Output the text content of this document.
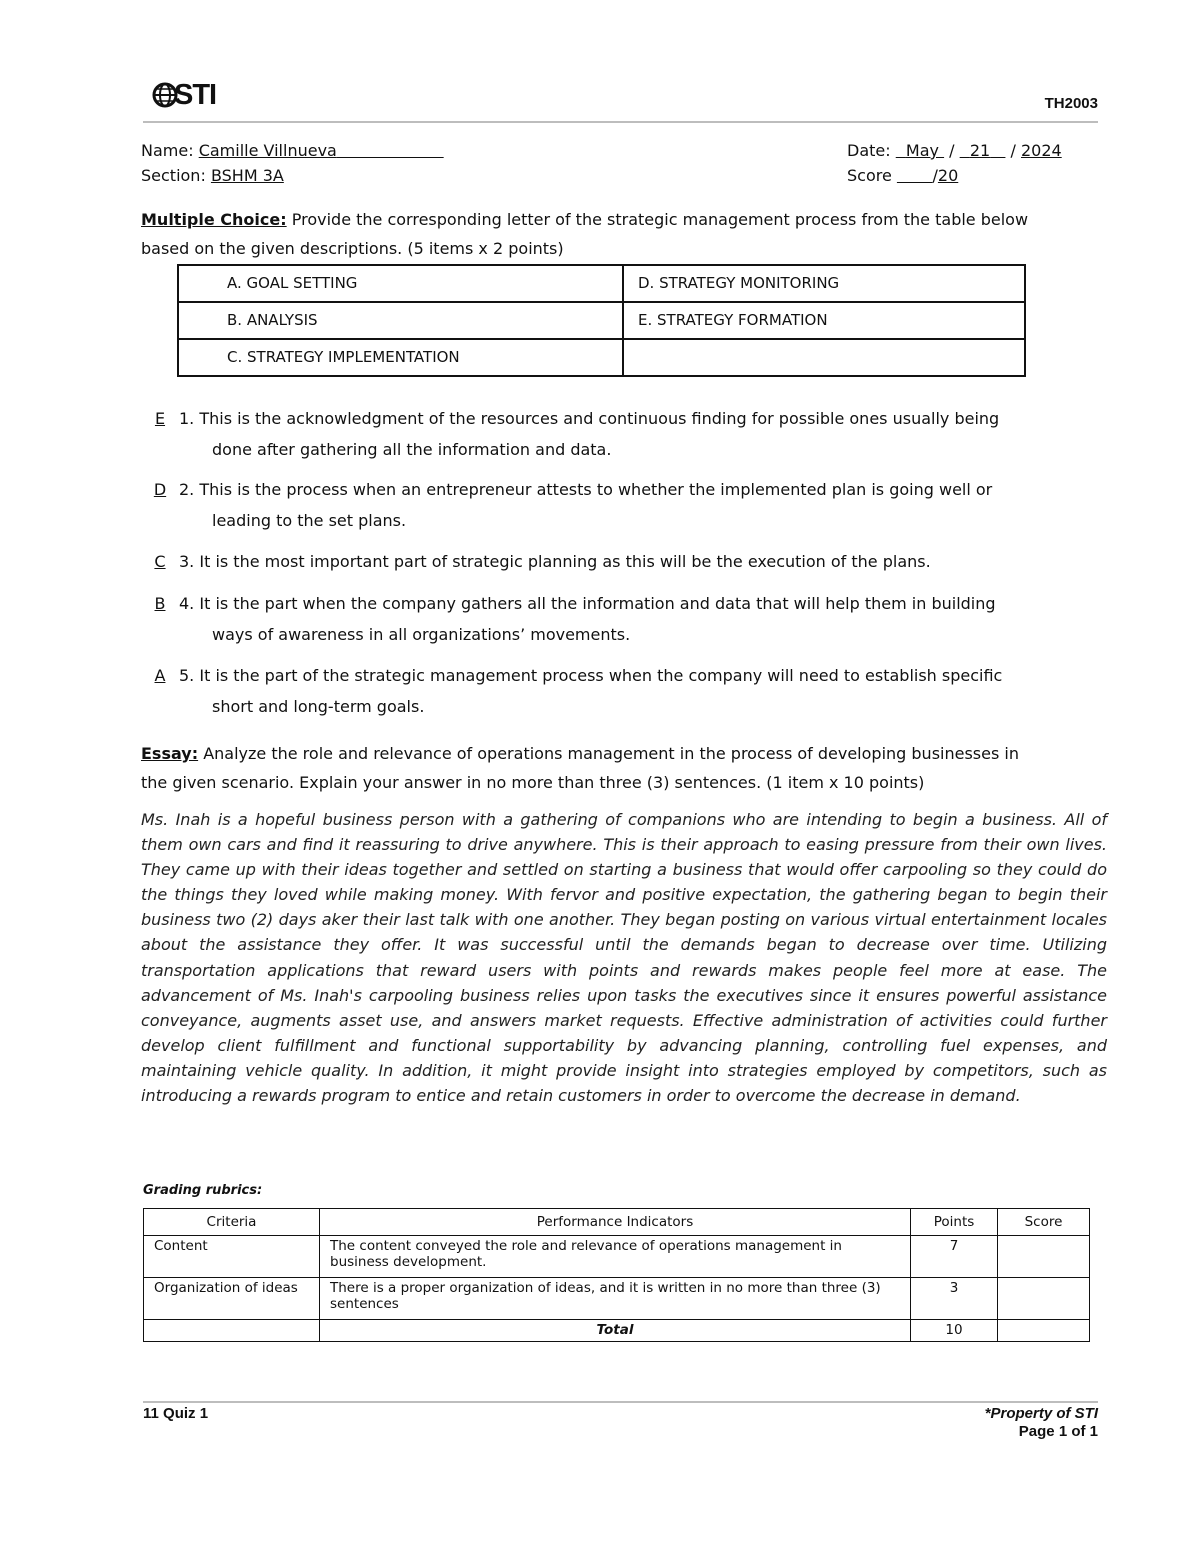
STI	TH2003
Name: Camille Villnueva
Section: BSHM 3A
Date: May  /   21    / 2024
Score	/20
Multiple Choice: Provide the corresponding letter of the strategic management process from the table below
based on the given descriptions. (5 items x 2 points)
A. GOAL SETTING	D. STRATEGY MONITORING
B. ANALYSIS	E. STRATEGY FORMATION
C. STRATEGY IMPLEMENTATION	
E 1. This is the acknowledgment of the resources and continuous finding for possible ones usually being
done after gathering all the information and data.
D 2. This is the process when an entrepreneur attests to whether the implemented plan is going well or
leading to the set plans.
C 3. It is the most important part of strategic planning as this will be the execution of the plans.
B 4. It is the part when the company gathers all the information and data that will help them in building
ways of awareness in all organizations’ movements.
A 5. It is the part of the strategic management process when the company will need to establish specific
short and long-term goals.
Essay: Analyze the role and relevance of operations management in the process of developing businesses in
the given scenario. Explain your answer in no more than three (3) sentences. (1 item x 10 points)
Ms. Inah is a hopeful business person with a gathering of companions who are intending to begin a business. All of them own cars and find it reassuring to drive anywhere. This is their approach to easing pressure from their own lives. They came up with their ideas together and settled on starting a business that would offer carpooling so they could do the things they loved while making money. With fervor and positive expectation, the gathering began to begin their business two (2) days aker their last talk with one another. They began posting on various virtual entertainment locales about the assistance they offer. It was successful until the demands began to decrease over time. Utilizing transportation applications that reward users with points and rewards makes people feel more at ease. The advancement of Ms. Inah's carpooling business relies upon tasks the executives since it ensures powerful assistance conveyance, augments asset use, and answers market requests. Effective administration of activities could further develop client fulfillment and functional supportability by advancing planning, controlling fuel expenses, and maintaining vehicle quality. In addition, it might provide insight into strategies employed by competitors, such as introducing a rewards program to entice and retain customers in order to overcome the decrease in demand.
Grading rubrics:
Criteria	Performance Indicators	Points	Score
Content	The content conveyed the role and relevance of operations management in business development.	7	
Organization of ideas	There is a proper organization of ideas, and it is written in no more than three (3) sentences	3	
	Total	10	
11 Quiz 1	*Property of STI
Page 1 of 1
